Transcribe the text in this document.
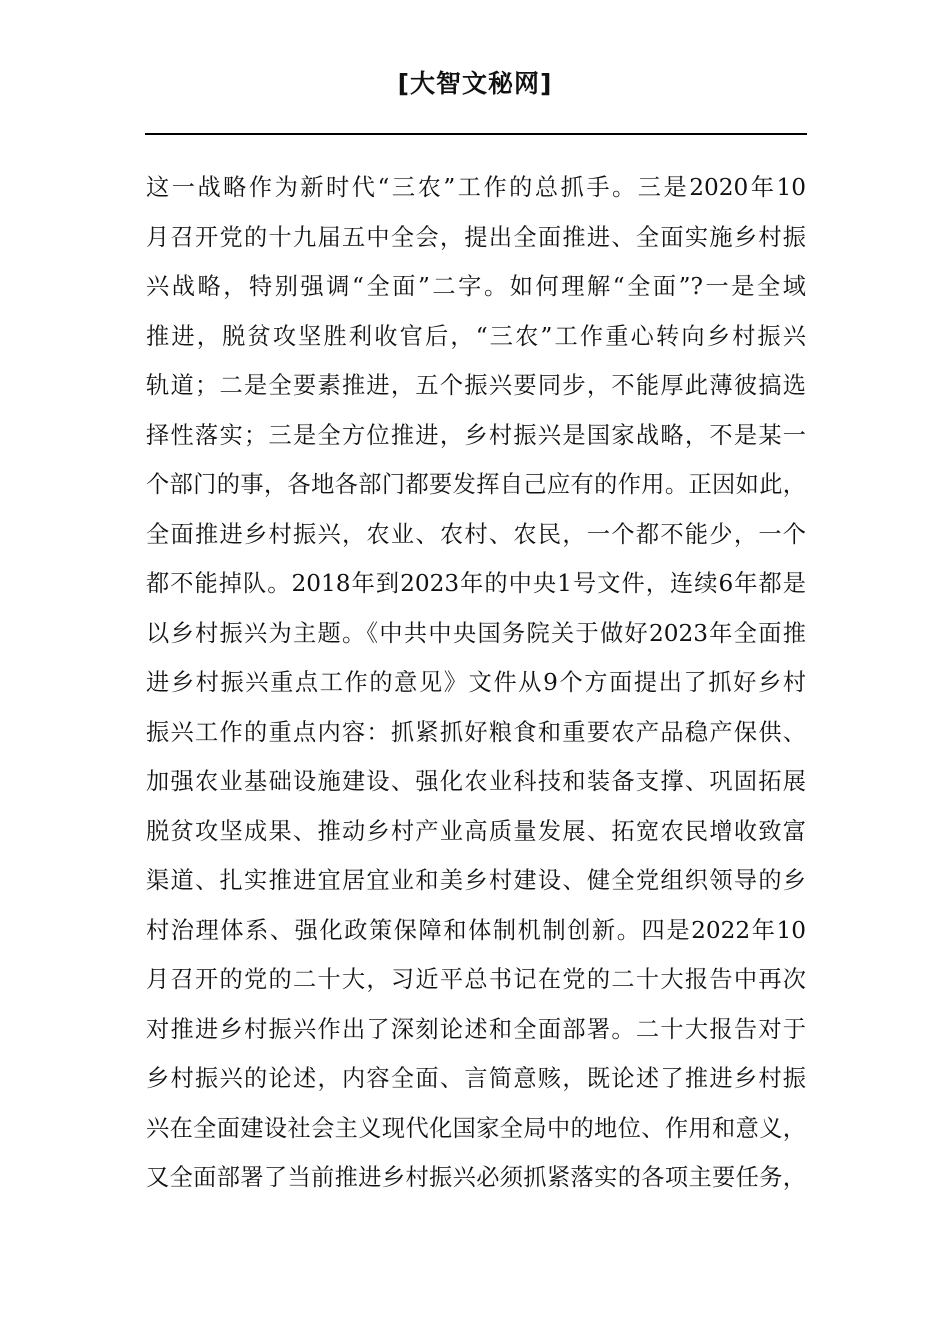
[大智文秘网]
这一战略作为新时代“三农”工作的总抓手。三是2020年10
月召开党的十九届五中全会，提出全面推进、全面实施乡村振
兴战略，特别强调“全面”二字。如何理解“全面”?一是全域
推进，脱贫攻坚胜利收官后，“三农”工作重心转向乡村振兴
轨道；二是全要素推进，五个振兴要同步，不能厚此薄彼搞选
择性落实；三是全方位推进，乡村振兴是国家战略，不是某一
个部门的事，各地各部门都要发挥自己应有的作用。正因如此，
全面推进乡村振兴，农业、农村、农民，一个都不能少，一个
都不能掉队。2018年到2023年的中央1号文件，连续6年都是
以乡村振兴为主题。《中共中央国务院关于做好2023年全面推
进乡村振兴重点工作的意见》文件从9个方面提出了抓好乡村
振兴工作的重点内容：抓紧抓好粮食和重要农产品稳产保供、
加强农业基础设施建设、强化农业科技和装备支撑、巩固拓展
脱贫攻坚成果、推动乡村产业高质量发展、拓宽农民增收致富
渠道、扎实推进宜居宜业和美乡村建设、健全党组织领导的乡
村治理体系、强化政策保障和体制机制创新。四是2022年10
月召开的党的二十大，习近平总书记在党的二十大报告中再次
对推进乡村振兴作出了深刻论述和全面部署。二十大报告对于
乡村振兴的论述，内容全面、言简意赅，既论述了推进乡村振
兴在全面建设社会主义现代化国家全局中的地位、作用和意义，
又全面部署了当前推进乡村振兴必须抓紧落实的各项主要任务，
